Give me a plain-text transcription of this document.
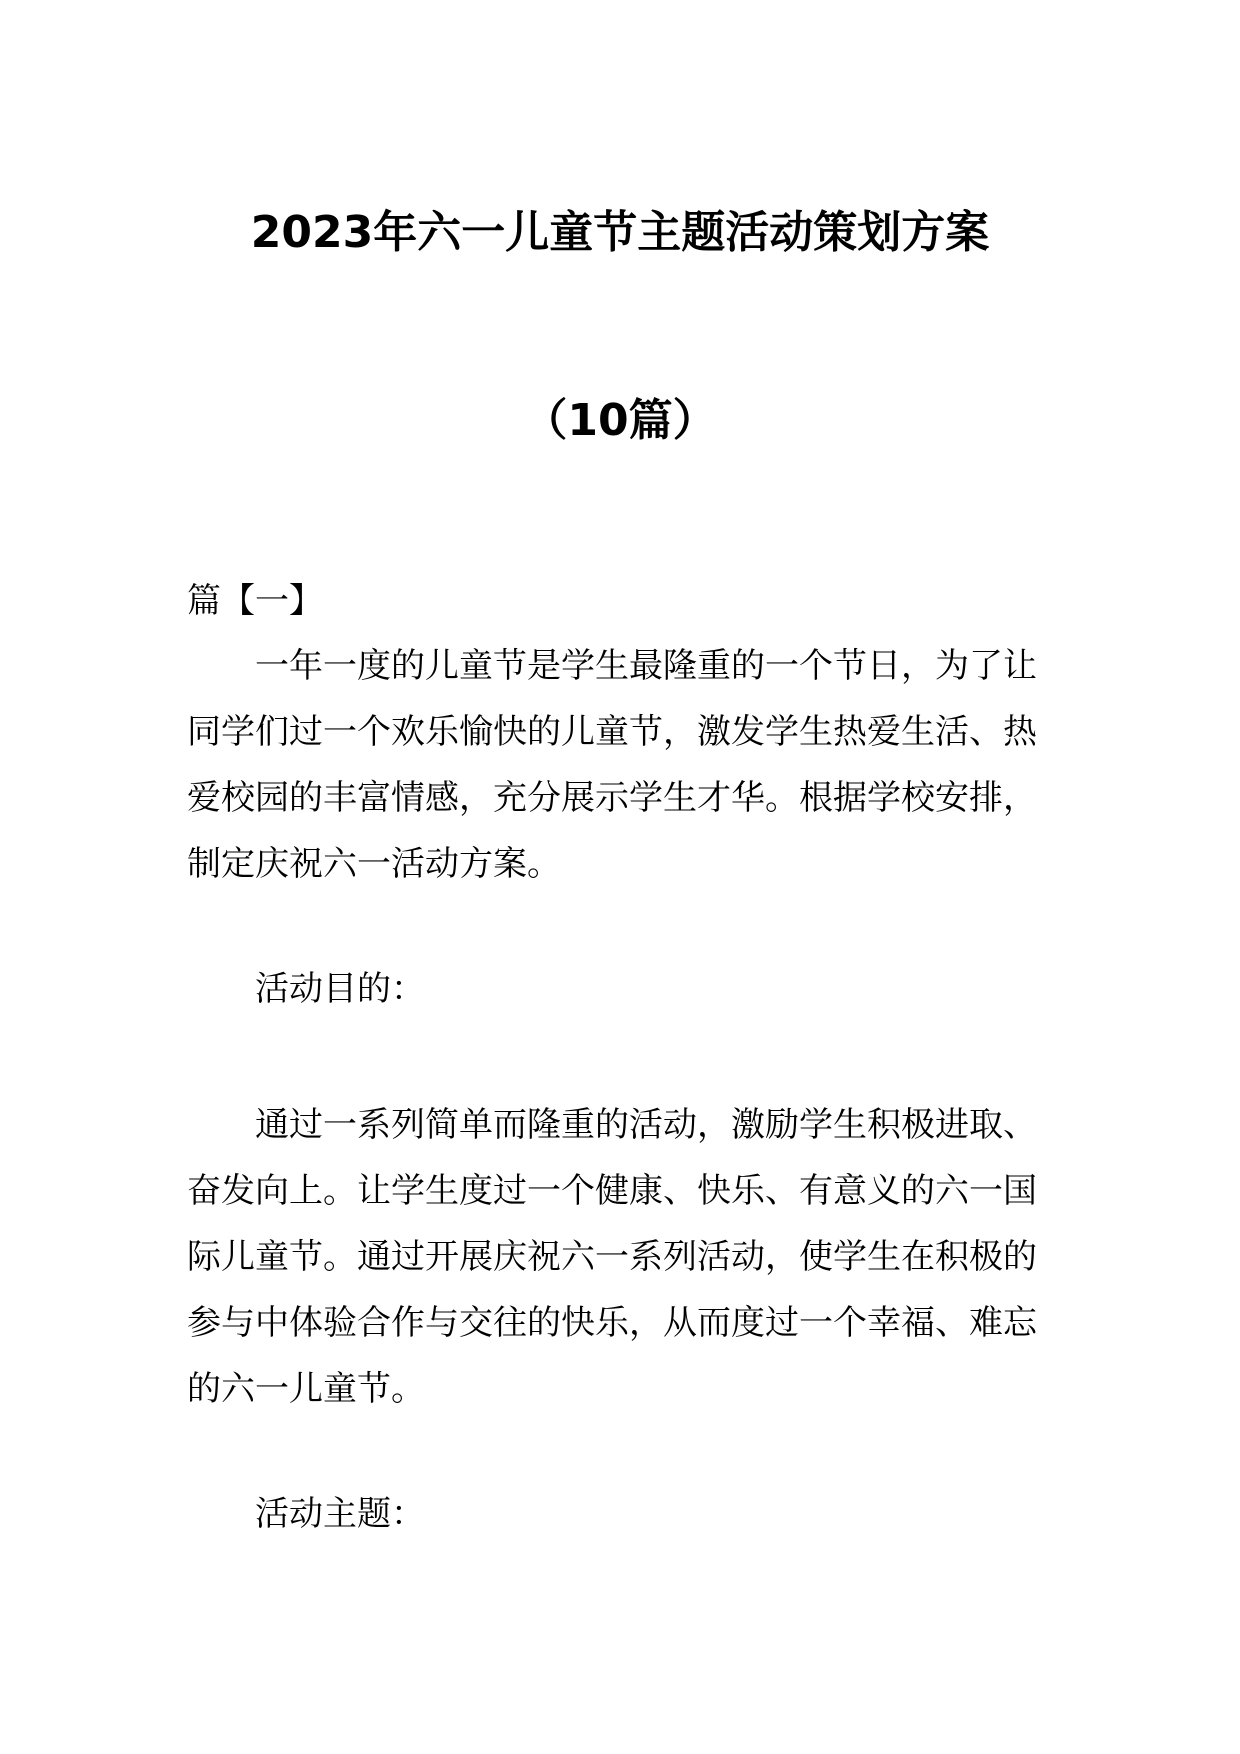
2023年六一儿童节主题活动策划方案
（10篇）
篇【一】

一年一度的儿童节是学生最隆重的一个节日，为了让同学们过一个欢乐愉快的儿童节，激发学生热爱生活、热爱校园的丰富情感，充分展示学生才华。根据学校安排，制定庆祝六一活动方案。

活动目的：

通过一系列简单而隆重的活动，激励学生积极进取、奋发向上。让学生度过一个健康、快乐、有意义的六一国际儿童节。通过开展庆祝六一系列活动，使学生在积极的参与中体验合作与交往的快乐，从而度过一个幸福、难忘的六一儿童节。

活动主题：
